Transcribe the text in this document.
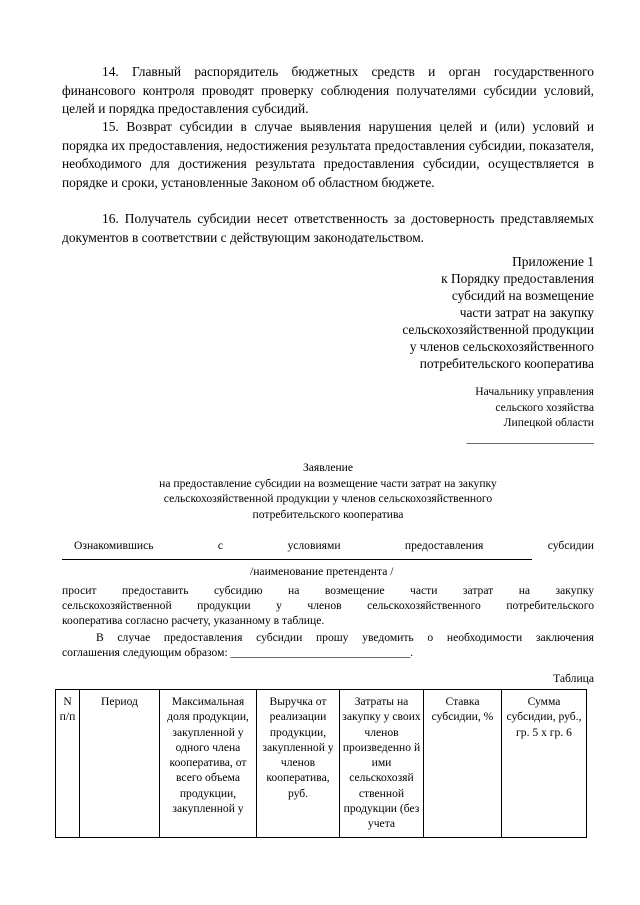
14. Главный распорядитель бюджетных средств и орган государственного финансового контроля проводят проверку соблюдения получателями субсидии условий, целей и порядка предоставления субсидий.

15. Возврат субсидии в случае выявления нарушения целей и (или) условий и порядка их предоставления, недостижения результата предоставления субсидии, показателя, необходимого для достижения результата предоставления субсидии, осуществляется в порядке и сроки, установленные Законом об областном бюджете.

16. Получатель субсидии несет ответственность за достоверность представляемых документов в соответствии с действующим законодательством.

Приложение 1
к Порядку предоставления
субсидий на возмещение
части затрат на закупку
сельскохозяйственной продукции
у членов сельскохозяйственного
потребительского кооператива
Начальнику управления
сельского хозяйства
Липецкой области
______________________
Заявление
на предоставление субсидии на возмещение части затрат на закупку
сельскохозяйственной продукции у членов сельскохозяйственного
потребительского кооператива
Ознакомившись с условиями предоставления субсидии
/наименование претендента /
просит предоставить субсидию на возмещение части затрат на закупку
сельскохозяйственной продукции у членов сельскохозяйственного потребительского
кооператива согласно расчету, указанному в таблице.
В случае предоставления субсидии прошу уведомить о необходимости заключения
соглашения следующим образом: _______________________________.
Таблица
N п/п	Период	Максимальная доля продукции, закупленной у одного члена кооператива, от всего объема продукции, закупленной у	Выручка от реализации продукции, закупленной у членов кооператива, руб.	Затраты на закупку у своих членов произведенно й ими сельскохозяй ственной продукции (без учета	Ставка субсидии, %	Сумма субсидии, руб., гр. 5 x гр. 6
